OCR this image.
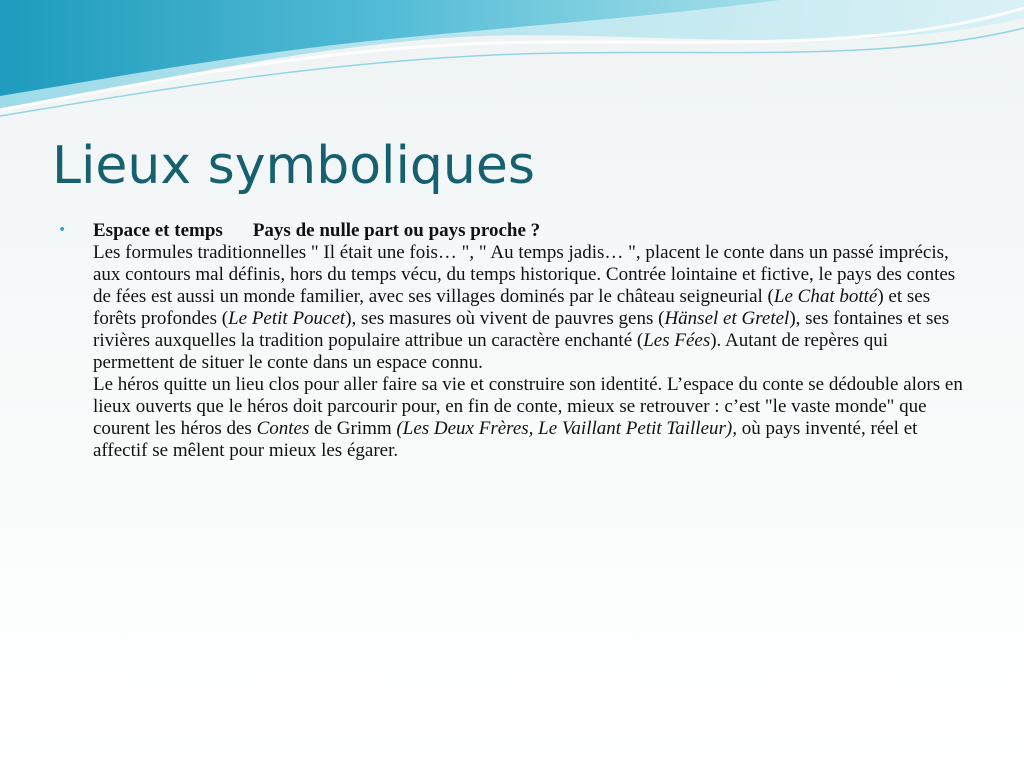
Lieux symboliques
• Espace et temps Pays de nulle part ou pays proche ?

Les formules traditionnelles " Il était une fois… ", " Au temps jadis… ", placent le conte dans un passé imprécis, aux contours mal définis, hors du temps vécu, du temps historique. Contrée lointaine et fictive, le pays des contes de fées est aussi un monde familier, avec ses villages dominés par le château seigneurial (Le Chat botté) et ses forêts profondes (Le Petit Poucet), ses masures où vivent de pauvres gens (Hänsel et Gretel), ses fontaines et ses rivières auxquelles la tradition populaire attribue un caractère enchanté (Les Fées). Autant de repères qui permettent de situer le conte dans un espace connu.

Le héros quitte un lieu clos pour aller faire sa vie et construire son identité. L’espace du conte se dédouble alors en lieux ouverts que le héros doit parcourir pour, en fin de conte, mieux se retrouver : c’est "le vaste monde" que courent les héros des Contes de Grimm (Les Deux Frères, Le Vaillant Petit Tailleur), où pays inventé, réel et affectif se mêlent pour mieux les égarer.
